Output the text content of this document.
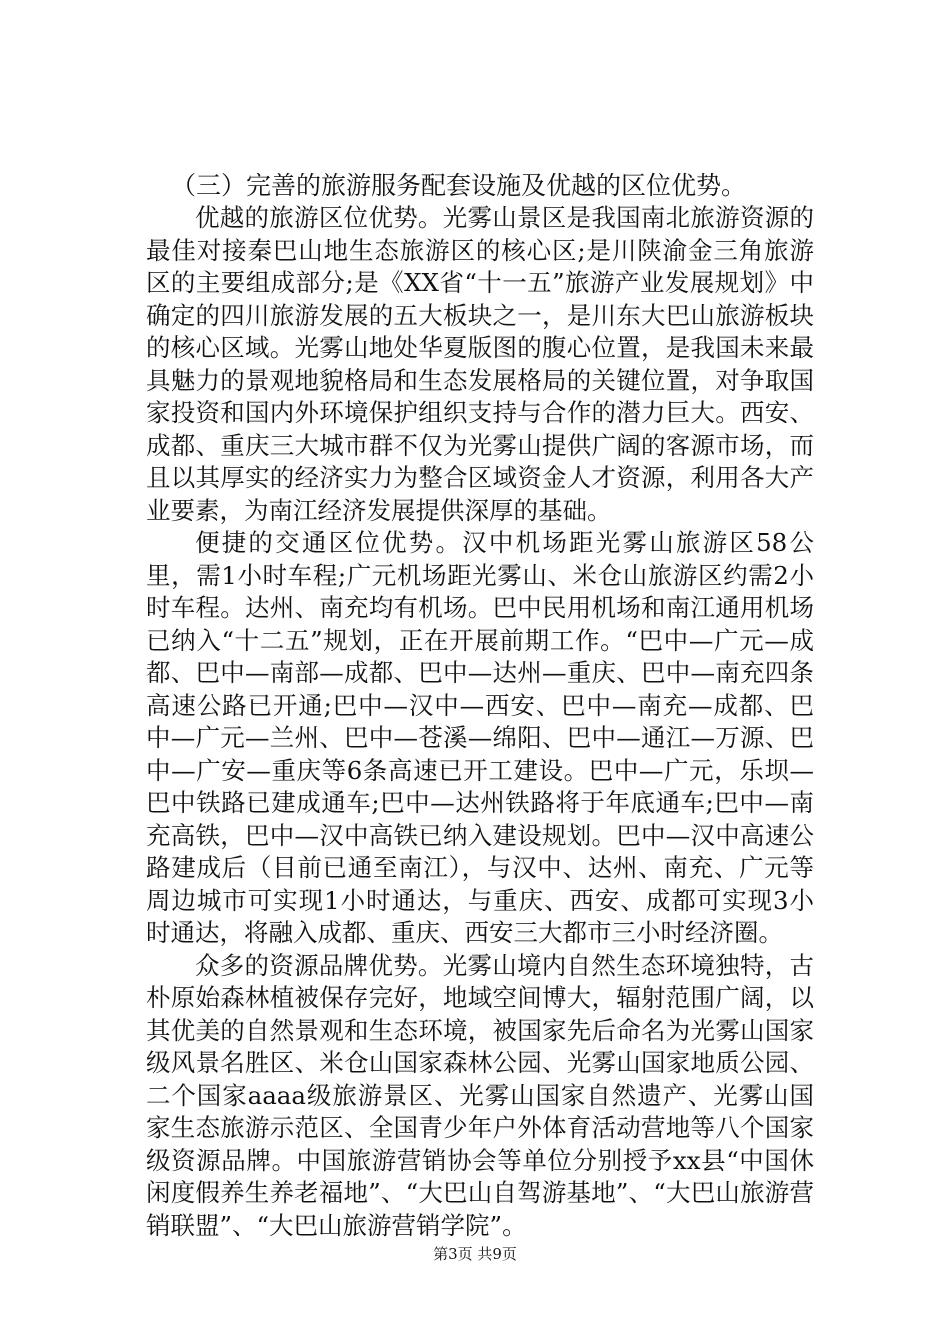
（三）完善的旅游服务配套设施及优越的区位优势。

优越的旅游区位优势。光雾山景区是我国南北旅游资源的最佳对接秦巴山地生态旅游区的核心区;是川陕渝金三角旅游区的主要组成部分;是《XX省“十一五”旅游产业发展规划》中确定的四川旅游发展的五大板块之一，是川东大巴山旅游板块的核心区域。光雾山地处华夏版图的腹心位置，是我国未来最具魅力的景观地貌格局和生态发展格局的关键位置，对争取国家投资和国内外环境保护组织支持与合作的潜力巨大。西安、成都、重庆三大城市群不仅为光雾山提供广阔的客源市场，而且以其厚实的经济实力为整合区域资金人才资源，利用各大产业要素，为南江经济发展提供深厚的基础。

便捷的交通区位优势。汉中机场距光雾山旅游区58公里，需1小时车程;广元机场距光雾山、米仓山旅游区约需2小时车程。达州、南充均有机场。巴中民用机场和南江通用机场已纳入“十二五”规划，正在开展前期工作。“巴中—广元—成都、巴中—南部—成都、巴中—达州—重庆、巴中—南充四条高速公路已开通;巴中—汉中—西安、巴中—南充—成都、巴中—广元—兰州、巴中—苍溪—绵阳、巴中—通江—万源、巴中—广安—重庆等6条高速已开工建设。巴中—广元，乐坝—巴中铁路已建成通车;巴中—达州铁路将于年底通车;巴中—南充高铁，巴中—汉中高铁已纳入建设规划。巴中—汉中高速公路建成后（目前已通至南江），与汉中、达州、南充、广元等周边城市可实现1小时通达，与重庆、西安、成都可实现3小时通达，将融入成都、重庆、西安三大都市三小时经济圈。

众多的资源品牌优势。光雾山境内自然生态环境独特，古朴原始森林植被保存完好，地域空间博大，辐射范围广阔，以其优美的自然景观和生态环境，被国家先后命名为光雾山国家级风景名胜区、米仓山国家森林公园、光雾山国家地质公园、二个国家aaaa级旅游景区、光雾山国家自然遗产、光雾山国家生态旅游示范区、全国青少年户外体育活动营地等八个国家级资源品牌。中国旅游营销协会等单位分别授予xx县“中国休闲度假养生养老福地”、“大巴山自驾游基地”、“大巴山旅游营销联盟”、“大巴山旅游营销学院”。

第3页 共9页
